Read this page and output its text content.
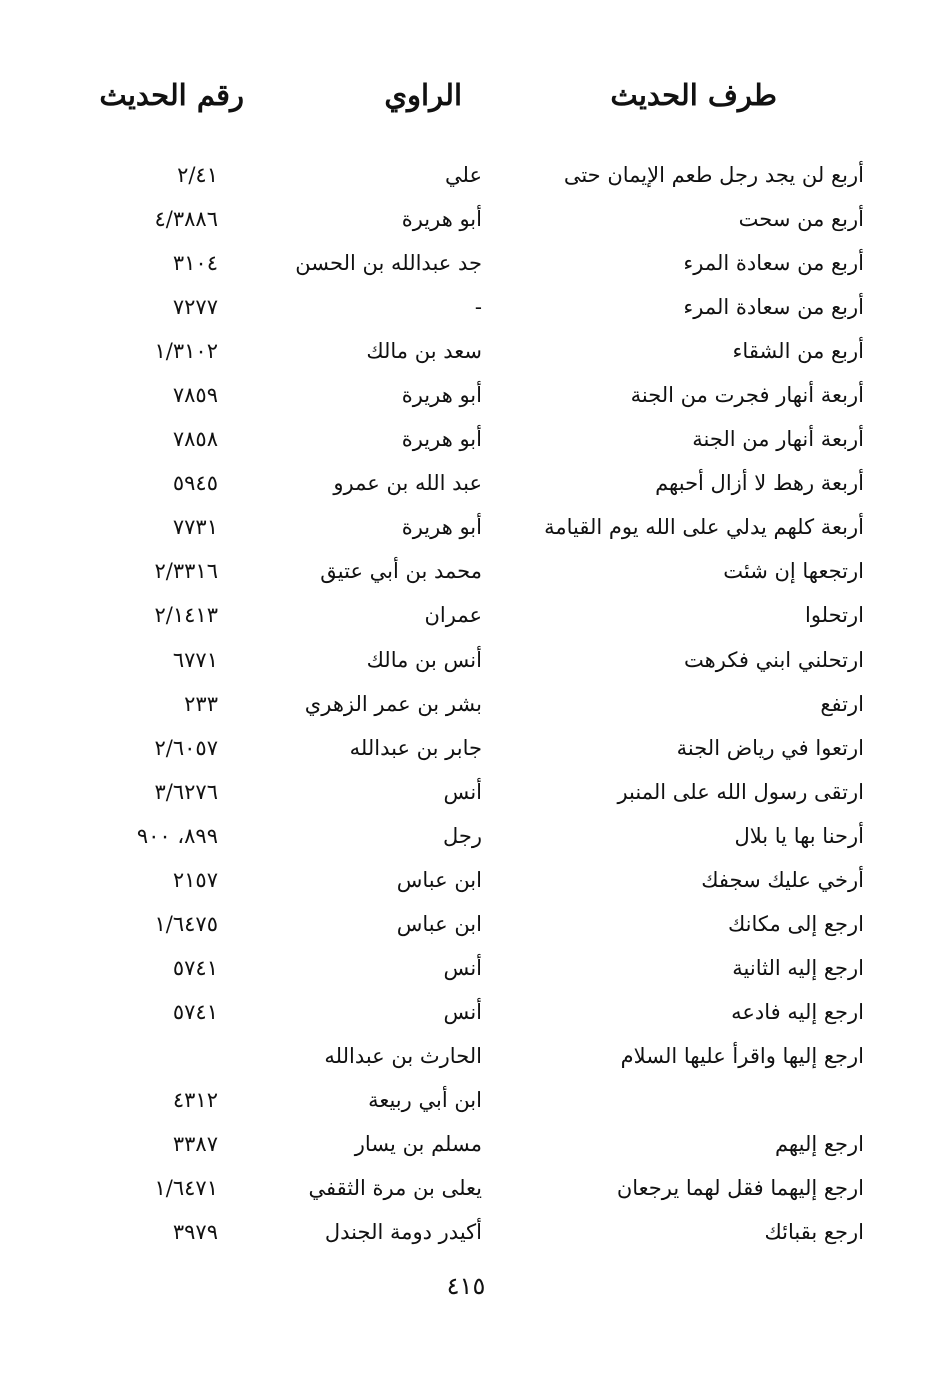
طرف الحديث
الراوي
رقم الحديث
أربع لن يجد رجل طعم الإيمان حتى
علي
٢/٤١
أربع من سحت
أبو هريرة
٤/٣٨٨٦
أربع من سعادة المرء
جد عبدالله بن الحسن
٣١٠٤
أربع من سعادة المرء
-
٧٢٧٧
أربع من الشقاء
سعد بن مالك
١/٣١٠٢
أربعة أنهار فجرت من الجنة
أبو هريرة
٧٨٥٩
أربعة أنهار من الجنة
أبو هريرة
٧٨٥٨
أربعة رهط لا أزال أحبهم
عبد الله بن عمرو
٥٩٤٥
أربعة كلهم يدلي على الله يوم القيامة
أبو هريرة
٧٧٣١
ارتجعها إن شئت
محمد بن أبي عتيق
٢/٣٣١٦
ارتحلوا
عمران
٢/١٤١٣
ارتحلني ابني فكرهت
أنس بن مالك
٦٧٧١
ارتفع
بشر بن عمر الزهري
٢٣٣
ارتعوا في رياض الجنة
جابر بن عبدالله
٢/٦٠٥٧
ارتقى رسول الله على المنبر
أنس
٣/٦٢٧٦
أرحنا بها يا بلال
رجل
٨٩٩، ٩٠٠
أرخي عليك سجفك
ابن عباس
٢١٥٧
ارجع إلى مكانك
ابن عباس
١/٦٤٧٥
ارجع إليه الثانية
أنس
٥٧٤١
ارجع إليه فادعه
أنس
٥٧٤١
ارجع إليها واقرأ عليها السلام
الحارث بن عبدالله
ابن أبي ربيعة
٤٣١٢
ارجع إليهم
مسلم بن يسار
٣٣٨٧
ارجع إليهما فقل لهما يرجعان
يعلى بن مرة الثقفي
١/٦٤٧١
ارجع بقبائك
أكيدر دومة الجندل
٣٩٧٩
٤١٥
